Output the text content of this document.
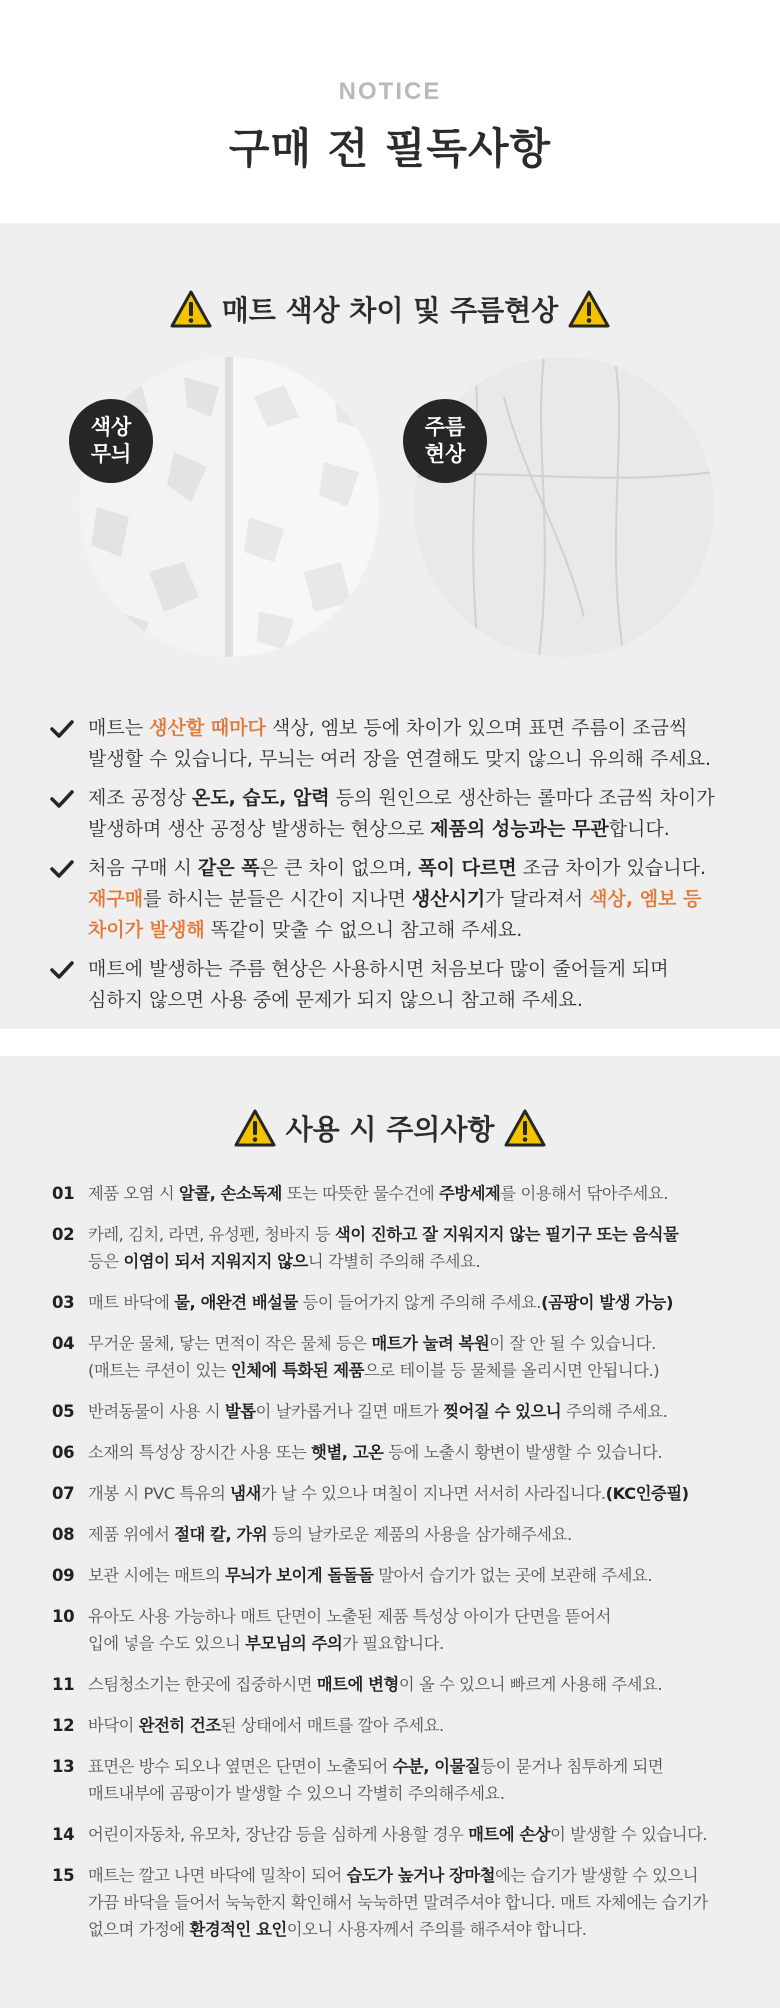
NOTICE
구매 전 필독사항
매트 색상 차이 및 주름현상
색상
무늬
주름
현상
매트는 생산할 때마다 색상, 엠보 등에 차이가 있으며 표면 주름이 조금씩
발생할 수 있습니다, 무늬는 여러 장을 연결해도 맞지 않으니 유의해 주세요.
제조 공정상 온도, 습도, 압력 등의 원인으로 생산하는 롤마다 조금씩 차이가
발생하며 생산 공정상 발생하는 현상으로 제품의 성능과는 무관합니다.
처음 구매 시 같은 폭은 큰 차이 없으며, 폭이 다르면 조금 차이가 있습니다.
재구매를 하시는 분들은 시간이 지나면 생산시기가 달라져서 색상, 엠보 등
차이가 발생해 똑같이 맞출 수 없으니 참고해 주세요.
매트에 발생하는 주름 현상은 사용하시면 처음보다 많이 줄어들게 되며
심하지 않으면 사용 중에 문제가 되지 않으니 참고해 주세요.
사용 시 주의사항
01 제품 오염 시 알콜, 손소독제 또는 따뜻한 물수건에 주방세제를 이용해서 닦아주세요.
02 카레, 김치, 라면, 유성펜, 청바지 등 색이 진하고 잘 지워지지 않는 필기구 또는 음식물
등은 이염이 되서 지워지지 않으니 각별히 주의해 주세요.
03 매트 바닥에 물, 애완견 배설물 등이 들어가지 않게 주의해 주세요.(곰팡이 발생 가능)
04 무거운 물체, 닿는 면적이 작은 물체 등은 매트가 눌려 복원이 잘 안 될 수 있습니다.
(매트는 쿠션이 있는 인체에 특화된 제품으로 테이블 등 물체를 올리시면 안됩니다.)
05 반려동물이 사용 시 발톱이 날카롭거나 길면 매트가 찢어질 수 있으니 주의해 주세요.
06 소재의 특성상 장시간 사용 또는 햇볕, 고온 등에 노출시 황변이 발생할 수 있습니다.
07 개봉 시 PVC 특유의 냄새가 날 수 있으나 며칠이 지나면 서서히 사라집니다.(KC인증필)
08 제품 위에서 절대 칼, 가위 등의 날카로운 제품의 사용을 삼가해주세요.
09 보관 시에는 매트의 무늬가 보이게 돌돌돌 말아서 습기가 없는 곳에 보관해 주세요.
10 유아도 사용 가능하나 매트 단면이 노출된 제품 특성상 아이가 단면을 뜯어서
입에 넣을 수도 있으니 부모님의 주의가 필요합니다.
11 스팀청소기는 한곳에 집중하시면 매트에 변형이 올 수 있으니 빠르게 사용해 주세요.
12 바닥이 완전히 건조된 상태에서 매트를 깔아 주세요.
13 표면은 방수 되오나 옆면은 단면이 노출되어 수분, 이물질등이 묻거나 침투하게 되면
매트내부에 곰팡이가 발생할 수 있으니 각별히 주의해주세요.
14 어린이자동차, 유모차, 장난감 등을 심하게 사용할 경우 매트에 손상이 발생할 수 있습니다.
15 매트는 깔고 나면 바닥에 밀착이 되어 습도가 높거나 장마철에는 습기가 발생할 수 있으니
가끔 바닥을 들어서 눅눅한지 확인해서 눅눅하면 말려주셔야 합니다. 매트 자체에는 습기가
없으며 가정에 환경적인 요인이오니 사용자께서 주의를 해주셔야 합니다.
